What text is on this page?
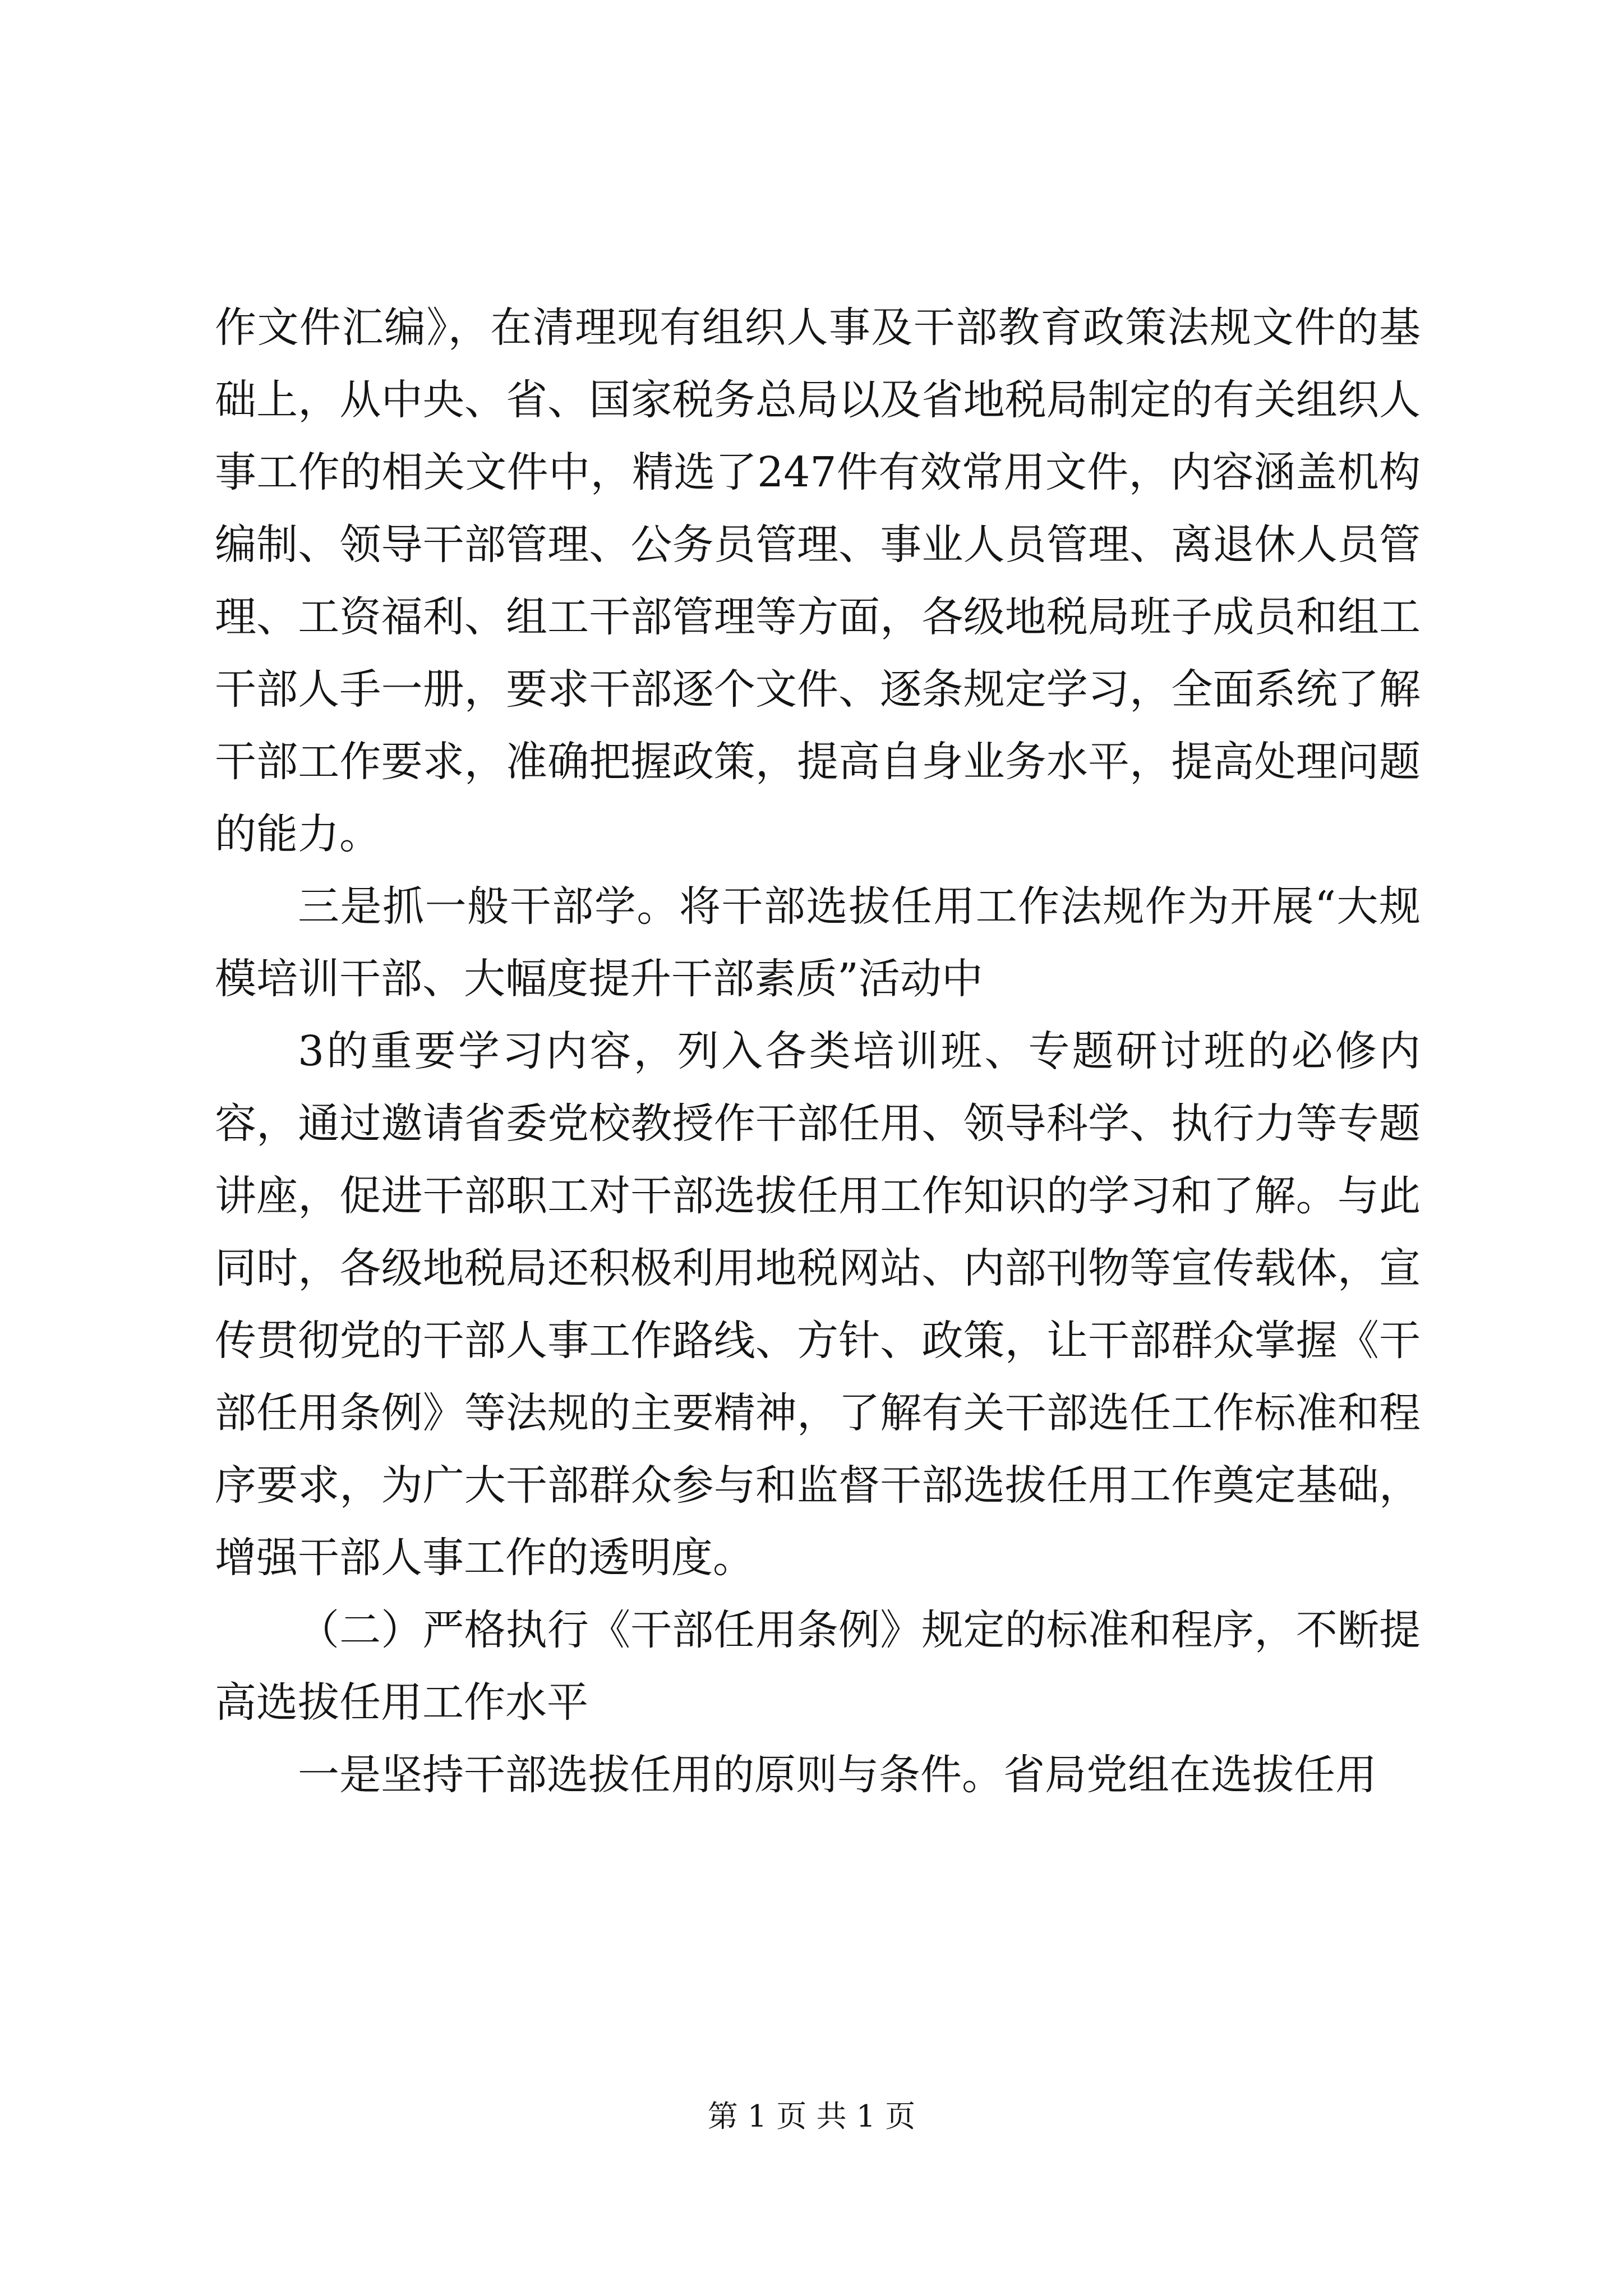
作文件汇编》，在清理现有组织人事及干部教育政策法规文件的基础上，从中央、省、国家税务总局以及省地税局制定的有关组织人事工作的相关文件中，精选了247件有效常用文件，内容涵盖机构编制、领导干部管理、公务员管理、事业人员管理、离退休人员管理、工资福利、组工干部管理等方面，各级地税局班子成员和组工干部人手一册，要求干部逐个文件、逐条规定学习，全面系统了解干部工作要求，准确把握政策，提高自身业务水平，提高处理问题的能力。

三是抓一般干部学。将干部选拔任用工作法规作为开展“大规模培训干部、大幅度提升干部素质”活动中

3的重要学习内容，列入各类培训班、专题研讨班的必修内容，通过邀请省委党校教授作干部任用、领导科学、执行力等专题讲座，促进干部职工对干部选拔任用工作知识的学习和了解。与此同时，各级地税局还积极利用地税网站、内部刊物等宣传载体，宣传贯彻党的干部人事工作路线、方针、政策，让干部群众掌握《干部任用条例》等法规的主要精神，了解有关干部选任工作标准和程序要求，为广大干部群众参与和监督干部选拔任用工作奠定基础，增强干部人事工作的透明度。

（二）严格执行《干部任用条例》规定的标准和程序，不断提高选拔任用工作水平

一是坚持干部选拔任用的原则与条件。省局党组在选拔任用

第 1 页 共 1 页
